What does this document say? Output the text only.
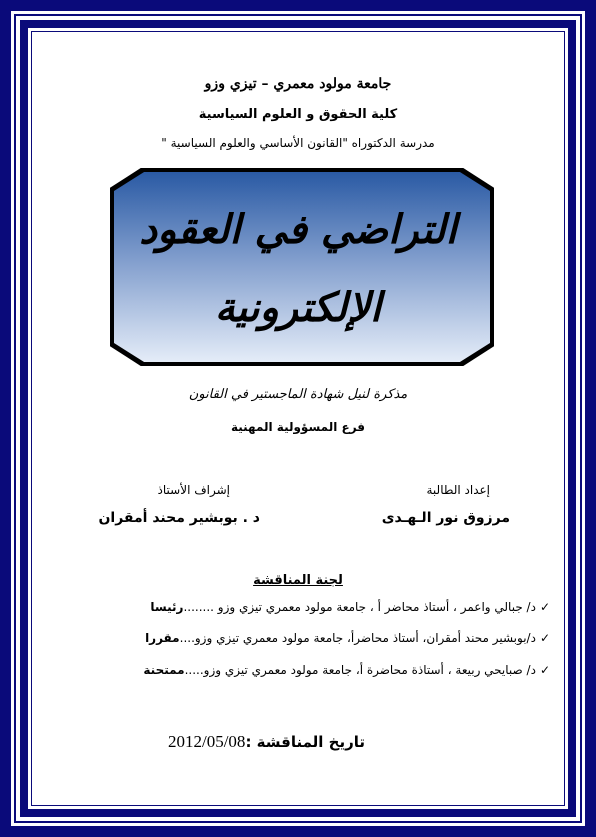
جامعة مولود معمري – تيزي وزو
كلية الحقوق و العلوم السياسية
مدرسة الدكتوراه "القانون الأساسي والعلوم السياسية "
التراضي في العقود
الإلكترونية
مذكرة لنيل شهادة الماجستير في القانون
فرع المسؤولية المهنية
إعداد الطالبة
إشراف الأستاذ
مرزوق نور الـهـدى
د . بوبشير محند أمقران
لجنة المناقشة
✓د/ جبالي واعمر ، أستاذ محاضر أ ، جامعة مولود معمري تيزي وزو ........رئيسا
✓د/بوبشير محند أمقران، أستاذ محاضرأ، جامعة مولود معمري تيزي وزو....مقررا
✓د/ صبايحي ربيعة ، أستاذة محاضرة أ، جامعة مولود معمري تيزي وزو.....ممتحنة
تاريخ المناقشة :2012/05/08
